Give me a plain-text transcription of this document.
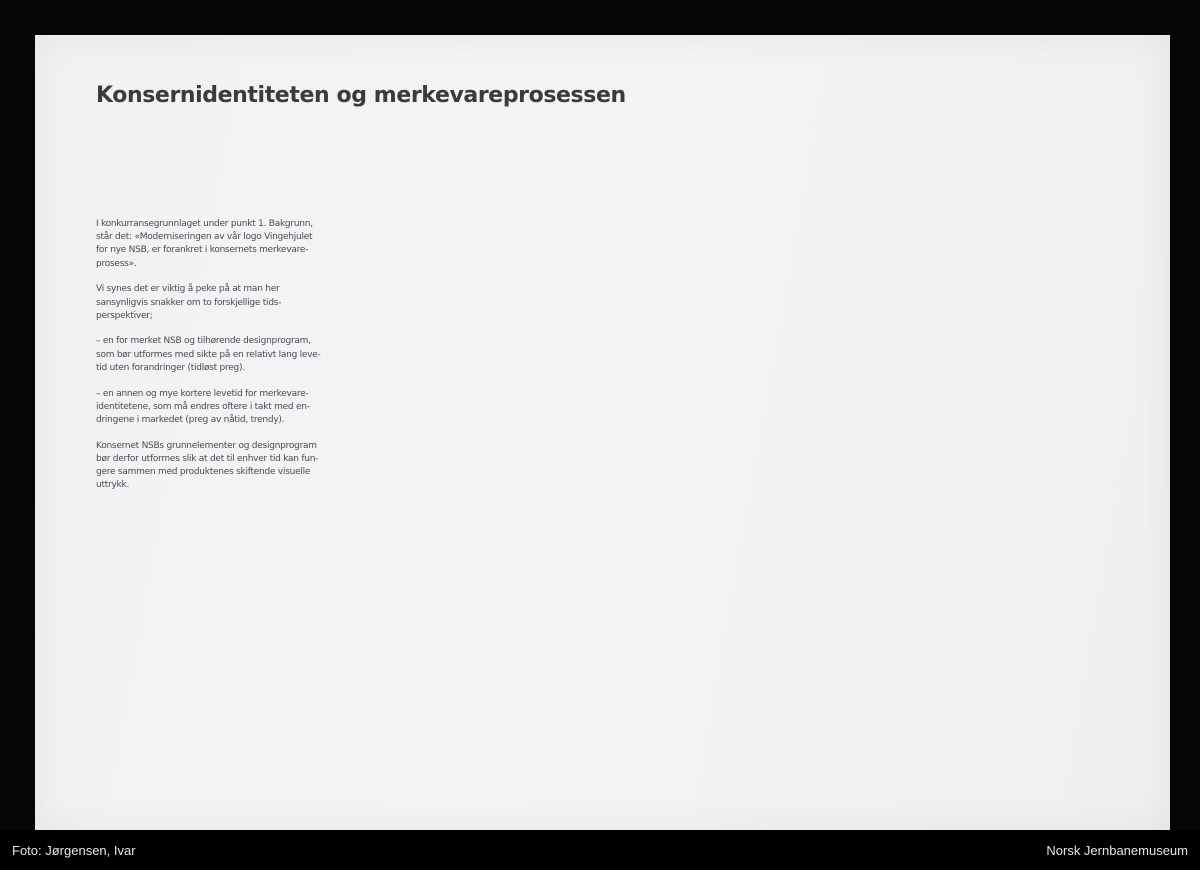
Konsernidentiteten og merkevareprosessen

I konkurransegrunnlaget under punkt 1. Bakgrunn,
står det: «Moderniseringen av vår logo Vingehjulet
for nye NSB, er forankret i konsernets merkevare-
prosess».

Vi synes det er viktig å peke på at man her
sansynligvis snakker om to forskjellige tids-
perspektiver;

– en for merket NSB og tilhørende designprogram,
som bør utformes med sikte på en relativt lang leve-
tid uten forandringer (tidløst preg).

– en annen og mye kortere levetid for merkevare-
identitetene, som må endres oftere i takt med en-
dringene i markedet (preg av nåtid, trendy).

Konsernet NSBs grunnelementer og designprogram
bør derfor utformes slik at det til enhver tid kan fun-
gere sammen med produktenes skiftende visuelle
uttrykk.

Foto: Jørgensen, Ivar	Norsk Jernbanemuseum
